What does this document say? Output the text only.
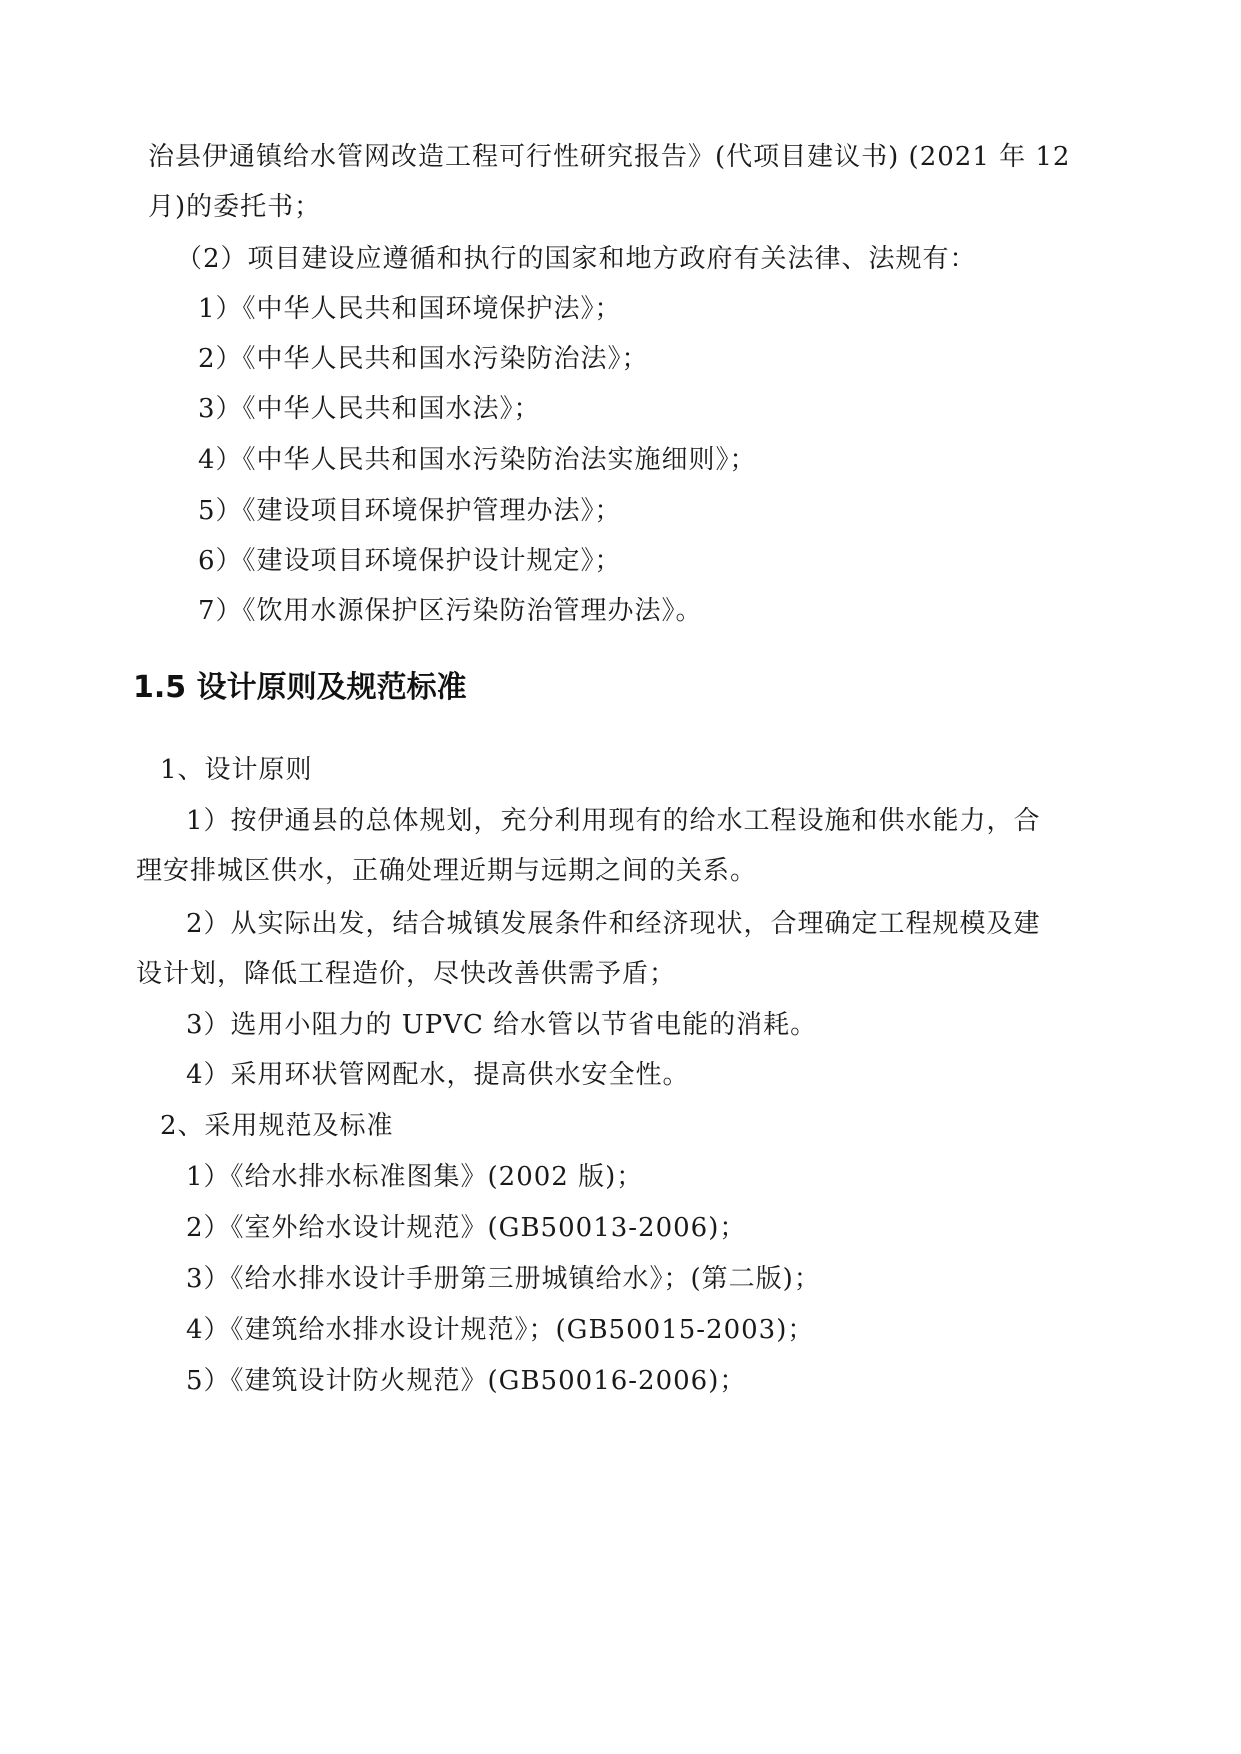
治县伊通镇给水管网改造工程可行性研究报告》(代项目建议书) (2021 年 12
月)的委托书；
（2）项目建设应遵循和执行的国家和地方政府有关法律、法规有：
1）《中华人民共和国环境保护法》；
2）《中华人民共和国水污染防治法》；
3）《中华人民共和国水法》；
4）《中华人民共和国水污染防治法实施细则》；
5）《建设项目环境保护管理办法》；
6）《建设项目环境保护设计规定》；
7）《饮用水源保护区污染防治管理办法》。
1.5 设计原则及规范标准
1、设计原则
1）按伊通县的总体规划，充分利用现有的给水工程设施和供水能力，合
理安排城区供水，正确处理近期与远期之间的关系。
2）从实际出发，结合城镇发展条件和经济现状，合理确定工程规模及建
设计划，降低工程造价，尽快改善供需予盾；
3）选用小阻力的 UPVC 给水管以节省电能的消耗。
4）采用环状管网配水，提高供水安全性。
2、采用规范及标准
1）《给水排水标准图集》(2002 版)；
2）《室外给水设计规范》(GB50013-2006)；
3）《给水排水设计手册第三册城镇给水》；(第二版)；
4）《建筑给水排水设计规范》；(GB50015-2003)；
5）《建筑设计防火规范》(GB50016-2006)；
